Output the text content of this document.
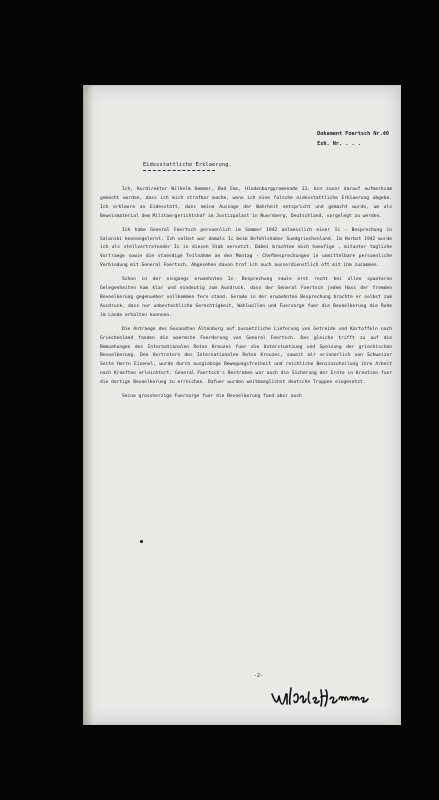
Dokument Foertsch Nr.40
Exh. Nr. . . .
Eidesstattliche Erklaerung.

Ich, Kurdirektor Wilhelm Hammer, Bad Ems, Hindenburgpromenade 13, bin zuvor darauf aufmerksam gemacht worden, dass ich mich strafbar mache, wenn ich eine falsche eidesstattliche Erklaerung abgebe. Ich erklaere an Eidesstatt, dass meine Aussage der Wahrheit entspricht und gemacht wurde, um als Beweismaterial dem Militaergerichtshof im Justizpalast in Nuernberg, Deutschland, vorgelegt zu werden.

Ich habe General Foertsch persoenlich im Sommer 1942 anlaesslich einer Ic - Besprechung in Saloniki kennengelernt. Ich selbst war damals Ic beim Befehlshaber Suedgriechenland. Im Herbst 1942 wurde ich als stellvertretender Ic in diesen Stab versetzt. Dabei brachten mich haeufige , mitunter tagliche Vortraege sowie die staendige Teilnahme an den Montag - Chefbesprechungen in unmittelbare persoenliche Verbindung mit General Foertsch. Abgesehen davon traf ich auch ausserdienstlich oft mit ihm zusammen.

Schon in der eingangs erwaehnten Ic- Besprechung sowie erst recht bei allen spaeteren Gelegenheiten kam klar und eindeutig zum Ausdruck, dass der General Foertsch jedem Hass der fremden Bevoelkerung gegenueber vollkommen fern stand. Gerade in der erwaehnten Besprechung brachte er selbst zum Ausdruck, dass nur unbestechliche Gerechtigkeit, Wohlwollen und Fuersorge fuer die Bevoelkerung die Ruhe im Lande erhalten koennen.

Die Antraege des Gesandten Altenburg auf zusaetzliche Lieferung von Getreide und Kartoffeln nach Griechenland fanden die waermste Foerderung von General Foertsch. Das gleiche trifft zu auf die Bemuehungen des Internationalen Roten Kreuzes fuer die Unterstuetzung und Speisung der griechischen Bevoelkerung. Den Vertretern des Internationalen Roten Kreuzes, soweit mir erinnerlich von Schweizer Seite Herrn Eisenel, wurde durch ausgiebige Bewegungsfreiheit und reichliche Benzinzuteilung ihre Arbeit nach Kraeften erleichtert. General Foertsch's Bestreben war auch die Sicherung der Ernte in Kreatien fuer die dortige Bevoelkerung zu erreichen. Dafuer wurden weitmoeglichst deutsche Truppen eingesetzt.

Seine grossherzige Fuersorge fuer die Bevoelkerung fand aber auch

-2-
